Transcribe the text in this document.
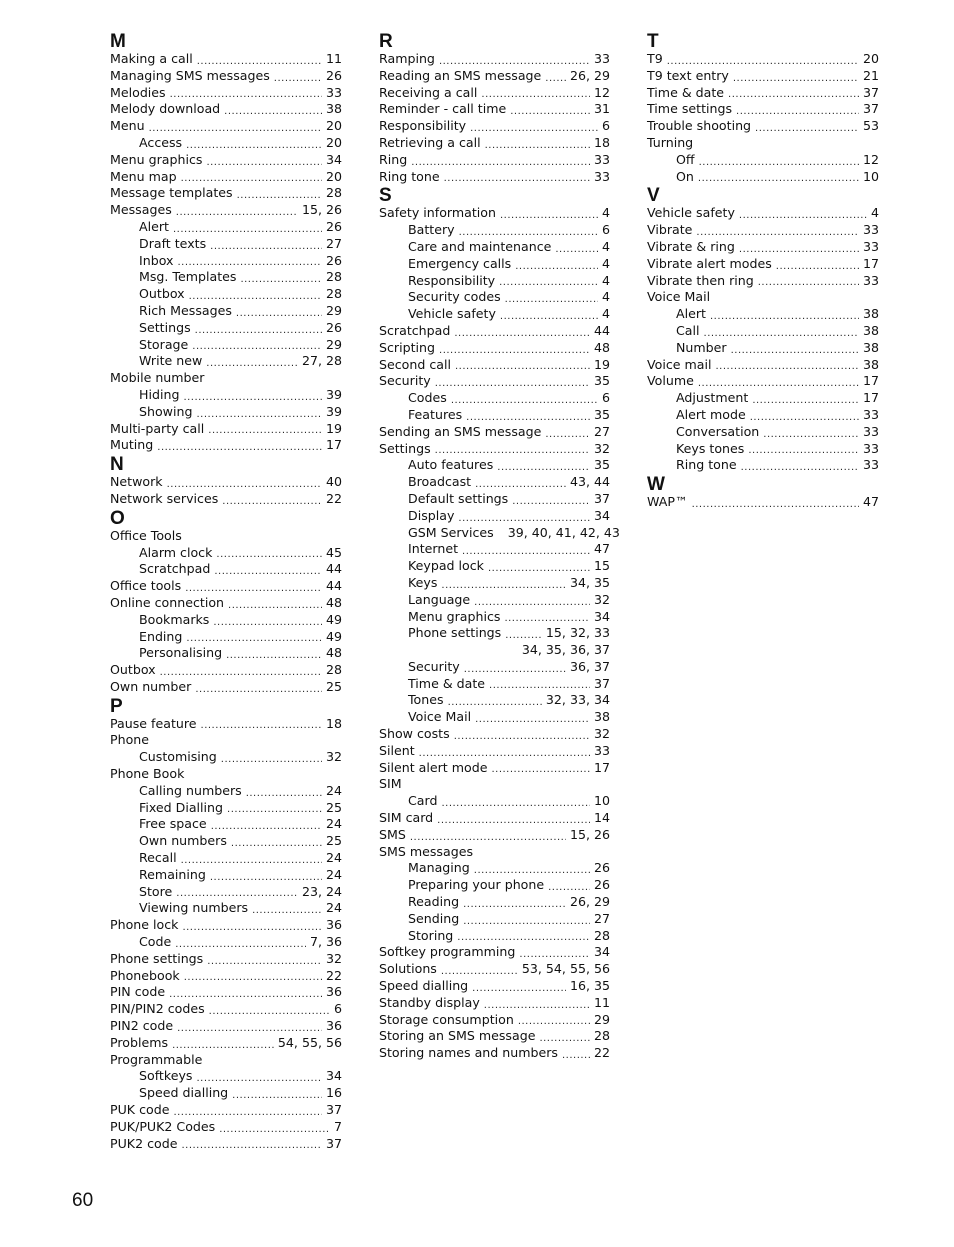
M
Making a call .....	11
Managing SMS messages .....	26
Melodies .....	33
Melody download .....	38
Menu .....	20
Access .....	20
Menu graphics .....	34
Menu map .....	20
Message templates .....	28
Messages .....	15, 26
Alert .....	26
Draft texts .....	27
Inbox .....	26
Msg. Templates .....	28
Outbox .....	28
Rich Messages .....	29
Settings .....	26
Storage .....	29
Write new .....	27, 28
Mobile number
Hiding .....	39
Showing .....	39
Multi-party call .....	19
Muting .....	17
N
Network .....	40
Network services .....	22
O
Office Tools
Alarm clock .....	45
Scratchpad .....	44
Office tools .....	44
Online connection .....	48
Bookmarks .....	49
Ending .....	49
Personalising .....	48
Outbox .....	28
Own number .....	25
P
Pause feature .....	18
Phone
Customising .....	32
Phone Book
Calling numbers .....	24
Fixed Dialling .....	25
Free space .....	24
Own numbers .....	25
Recall .....	24
Remaining .....	24
Store .....	23, 24
Viewing numbers .....	24
Phone lock .....	36
Code .....	7, 36
Phone settings .....	32
Phonebook .....	22
PIN code .....	36
PIN/PIN2 codes .....	6
PIN2 code .....	36
Problems .....	54, 55, 56
Programmable
Softkeys .....	34
Speed dialling .....	16
PUK code .....	37
PUK/PUK2 Codes .....	7
PUK2 code .....	37
R
Ramping .....	33
Reading an SMS message ..... 26, 29
Receiving a call .....	12
Reminder - call time .....	31
Responsibility .....	6
Retrieving a call .....	18
Ring .....	33
Ring tone .....	33
S
Safety information .....	4
Battery .....	6
Care and maintenance .....	4
Emergency calls .....	4
Responsibility .....	4
Security codes .....	4
Vehicle safety .....	4
Scratchpad .....	44
Scripting .....	48
Second call .....	19
Security .....	35
Codes .....	6
Features .....	35
Sending an SMS message .....	27
Settings .....	32
Auto features .....	35
Broadcast .....	43, 44
Default settings .....	37
Display .....	34
GSM Services 39, 40, 41, 42, 43
Internet .....	47
Keypad lock .....	15
Keys .....	34, 35
Language .....	32
Menu graphics .....	34
Phone settings .....	15, 32, 33
34, 35, 36, 37
Security .....	36, 37
Time & date .....	37
Tones .....	32, 33, 34
Voice Mail .....	38
Show costs .....	32
Silent .....	33
Silent alert mode .....	17
SIM
Card .....	10
SIM card .....	14
SMS .....	15, 26
SMS messages
Managing .....	26
Preparing your phone .....	26
Reading .....	26, 29
Sending .....	27
Storing .....	28
Softkey programming .....	34
Solutions .....	53, 54, 55, 56
Speed dialling .....	16, 35
Standby display .....	11
Storage consumption .....	29
Storing an SMS message .....	28
Storing names and numbers .....	22
T
T9 .....	20
T9 text entry .....	21
Time & date .....	37
Time settings .....	37
Trouble shooting .....	53
Turning
Off .....	12
On .....	10
V
Vehicle safety .....	4
Vibrate .....	33
Vibrate & ring .....	33
Vibrate alert modes .....	17
Vibrate then ring .....	33
Voice Mail
Alert .....	38
Call .....	38
Number .....	38
Voice mail .....	38
Volume .....	17
Adjustment .....	17
Alert mode .....	33
Conversation .....	33
Keys tones .....	33
Ring tone .....	33
W
WAP™ .....	47
60
